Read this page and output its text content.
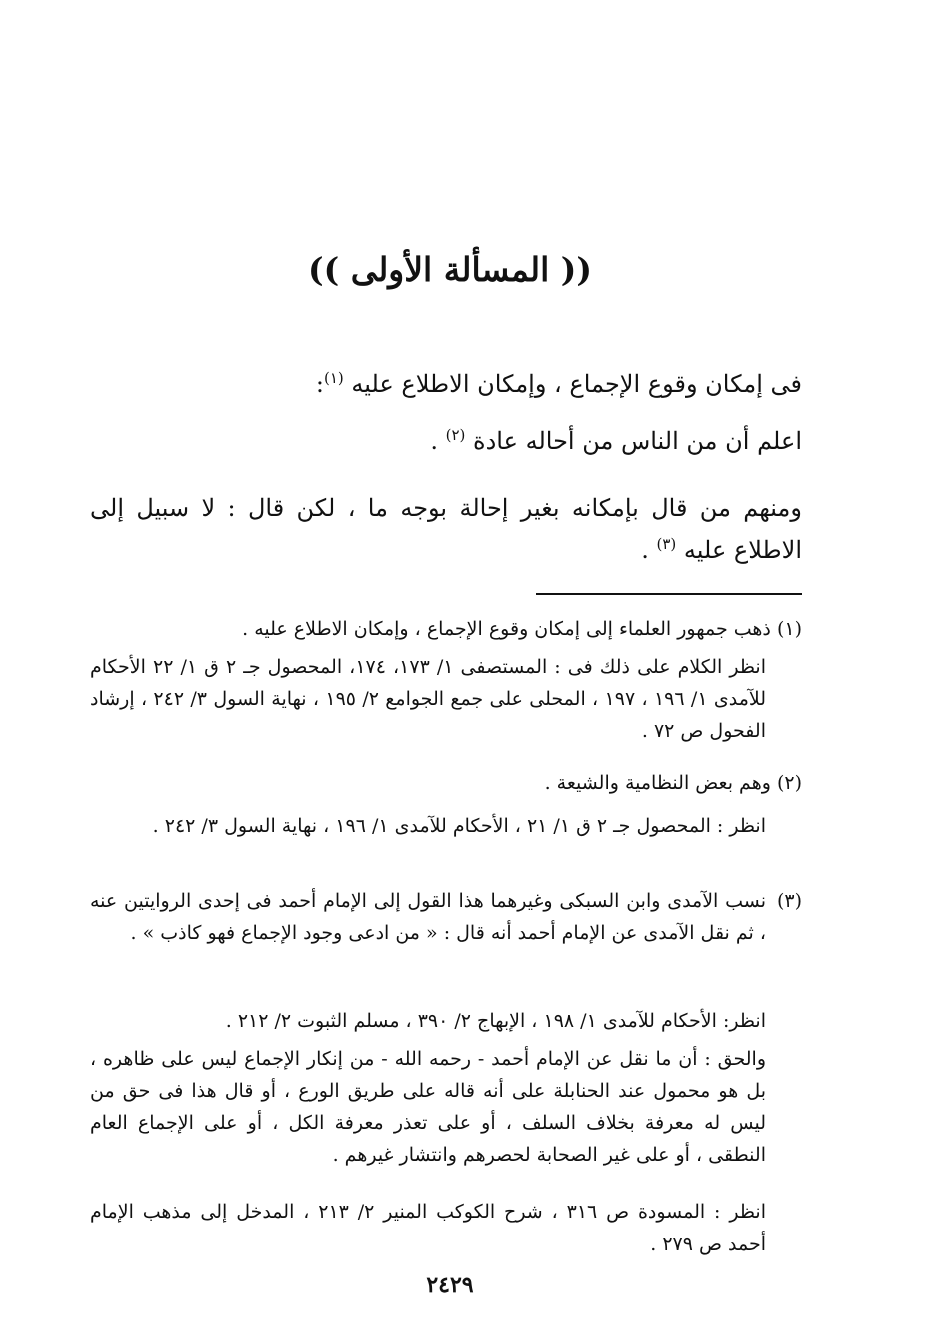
(( المسألة الأولى ))
فى إمكان وقوع الإجماع ، وإمكان الاطلاع عليه $^{(١)}$:
اعلم أن من الناس من أحاله عادة $^{(٢)}$ .
ومنهم من قال بإمكانه بغير إحالة بوجه ما ، لكن قال : لا سبيل إلى الاطلاع عليه $^{(٣)}$ .
(١) ذهب جمهور العلماء إلى إمكان وقوع الإجماع ، وإمكان الاطلاع عليه .
انظر الكلام على ذلك فى : المستصفى ١/ ١٧٣، ١٧٤، المحصول جـ ٢ ق ١/ ٢٢ الأحكام للآمدى ١/ ١٩٦ ، ١٩٧ ، المحلى على جمع الجوامع ٢/ ١٩٥ ، نهاية السول ٣/ ٢٤٢ ، إرشاد الفحول ص ٧٢ .
(٢) وهم بعض النظامية والشيعة .
انظر : المحصول جـ ٢ ق ١/ ٢١ ، الأحكام للآمدى ١/ ١٩٦ ، نهاية السول ٣/ ٢٤٢ .
(٣)
نسب الآمدى وابن السبكى وغيرهما هذا القول إلى الإمام أحمد فى إحدى الروايتين عنه ، ثم نقل الآمدى عن الإمام أحمد أنه قال : « من ادعى وجود الإجماع فهو كاذب » .
انظر: الأحكام للآمدى ١/ ١٩٨ ، الإبهاج ٢/ ٣٩٠ ، مسلم الثبوت ٢/ ٢١٢ .
والحق : أن ما نقل عن الإمام أحمد - رحمه الله - من إنكار الإجماع ليس على ظاهره ، بل هو محمول عند الحنابلة على أنه قاله على طريق الورع ، أو قال هذا فى حق من ليس له معرفة بخلاف السلف ، أو على تعذر معرفة الكل ، أو على الإجماع العام النطقى ، أو على غير الصحابة لحصرهم وانتشار غيرهم .
انظر : المسودة ص ٣١٦ ، شرح الكوكب المنير ٢/ ٢١٣ ، المدخل إلى مذهب الإمام أحمد ص ٢٧٩ .
٢٤٢٩
